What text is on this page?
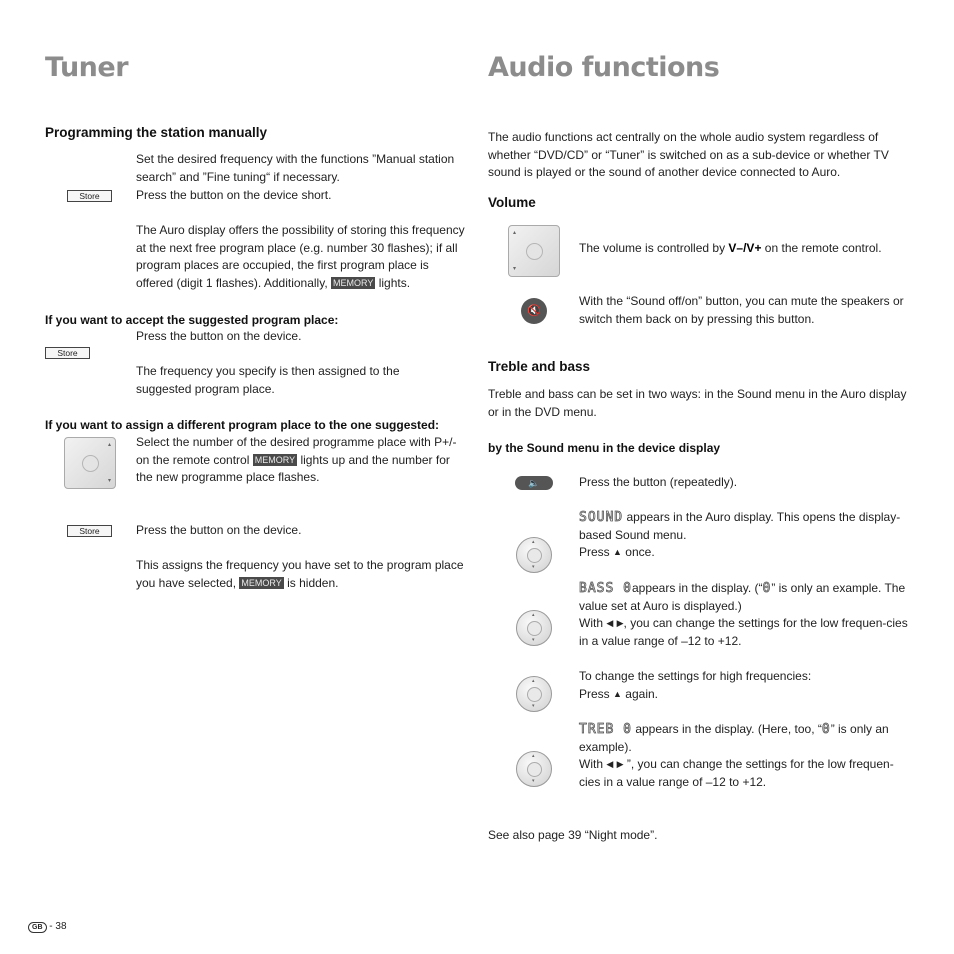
Tuner
Programming the station manually
Set the desired frequency with the functions ”Manual station search” and ”Fine tuning“ if necessary.
Store	Press the button on the device short.
The Auro display offers the possibility of storing this frequency at the next free program place (e.g. number 30 flashes); if all program places are occupied, the first program place is offered (digit 1 flashes). Additionally, MEMORY lights.
If you want to accept the suggested program place:
Store
Press the button on the device.
The frequency you specify is then assigned to the suggested program place.
If you want to assign a different program place to the one suggested:
▴
▾
Select the number of the desired programme place with P+/- on the remote control MEMORY lights up and the number for the new programme place flashes.
Store	Press the button on the device.
This assigns the frequency you have set to the program place you have selected, MEMORY is hidden.
Audio functions
The audio functions act centrally on the whole audio system regardless of whether “DVD/CD” or “Tuner” is switched on as a sub-device or whether TV sound is played or the sound of another device connected to Auro.
Volume
▴
▾
The volume is controlled by V–/V+ on the remote control.
🔇
With the “Sound off/on” button, you can mute the speakers or switch them back on by pressing this button.
Treble and bass
Treble and bass can be set in two ways: in the Sound menu in the Auro display or in the DVD menu.
by the Sound menu in the device display
🔈	Press the button (repeatedly).
▴
▾
SOUND appears in the Auro display. This opens the display-based Sound menu.
Press ▲ once.
▴
▾
BASS 0appears in the display. (“0” is only an example. The value set at Auro is displayed.)
With ◀ ▶, you can change the settings for the low frequen-cies in a value range of –12 to +12.
▴
▾
To change the settings for high frequencies:
Press ▲ again.
▴
▾
TREB 0 appears in the display. (Here, too, “0” is only an example).
With ◀ ▶ ”, you can change the settings for the low frequen-cies in a value range of –12 to +12.
See also page 39 “Night mode”.
GB - 38
